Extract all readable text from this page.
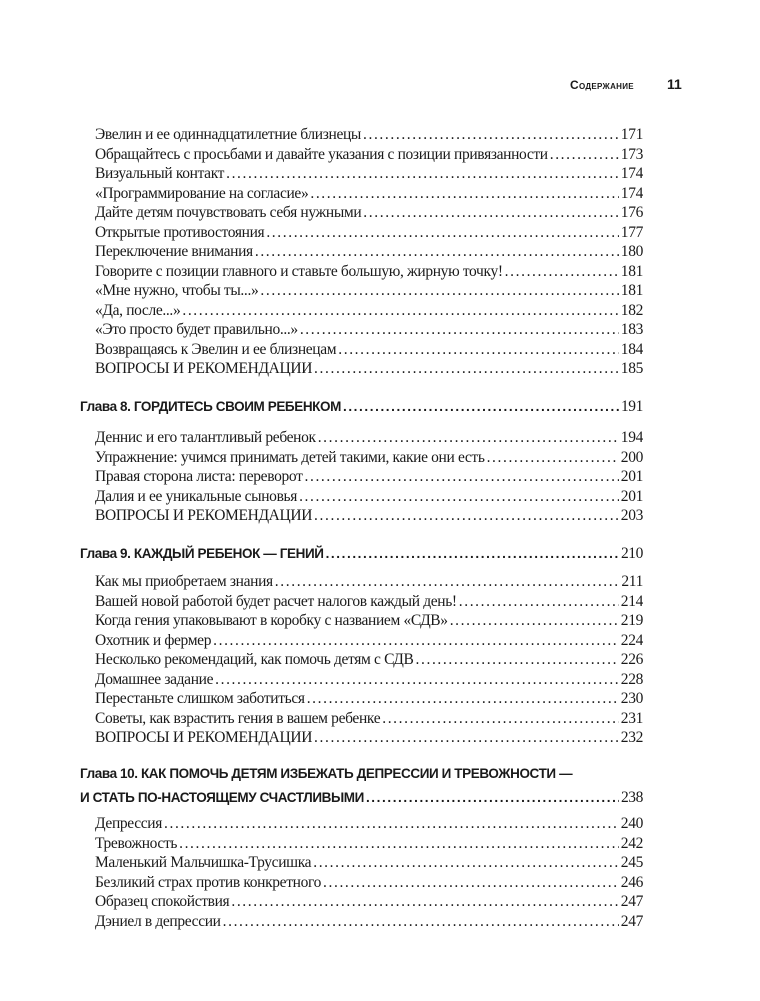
Содержание 11
Эвелин и ее одиннадцатилетние близнецы .....	171
Обращайтесь с просьбами и давайте указания с позиции привязанности .....	173
Визуальный контакт .....	174
«Программирование на согласие» .....	174
Дайте детям почувствовать себя нужными .....	176
Открытые противостояния .....	177
Переключение внимания .....	180
Говорите с позиции главного и ставьте большую, жирную точку! .....	181
«Мне нужно, чтобы ты...» .....	181
«Да, после...» .....	182
«Это просто будет правильно...» .....	183
Возвращаясь к Эвелин и ее близнецам .....	184
ВОПРОСЫ И РЕКОМЕНДАЦИИ .....	185
Глава 8. ГОРДИТЕСЬ СВОИМ РЕБЕНКОМ .....	191
Деннис и его талантливый ребенок .....	194
Упражнение: учимся принимать детей такими, какие они есть .....	200
Правая сторона листа: переворот .....	201
Далия и ее уникальные сыновья .....	201
ВОПРОСЫ И РЕКОМЕНДАЦИИ .....	203
Глава 9. КАЖДЫЙ РЕБЕНОК — ГЕНИЙ .....	210
Как мы приобретаем знания .....	211
Вашей новой работой будет расчет налогов каждый день! .....	214
Когда гения упаковывают в коробку с названием «СДВ» .....	219
Охотник и фермер .....	224
Несколько рекомендаций, как помочь детям с СДВ .....	226
Домашнее задание .....	228
Перестаньте слишком заботиться .....	230
Советы, как взрастить гения в вашем ребенке .....	231
ВОПРОСЫ И РЕКОМЕНДАЦИИ .....	232
Глава 10. КАК ПОМОЧЬ ДЕТЯМ ИЗБЕЖАТЬ ДЕПРЕССИИ И ТРЕВОЖНОСТИ —
И СТАТЬ ПО-НАСТОЯЩЕМУ СЧАСТЛИВЫМИ .....	238
Депрессия .....	240
Тревожность .....	242
Маленький Мальчишка-Трусишка .....	245
Безликий страх против конкретного .....	246
Образец спокойствия .....	247
Дэниел в депрессии .....	247
